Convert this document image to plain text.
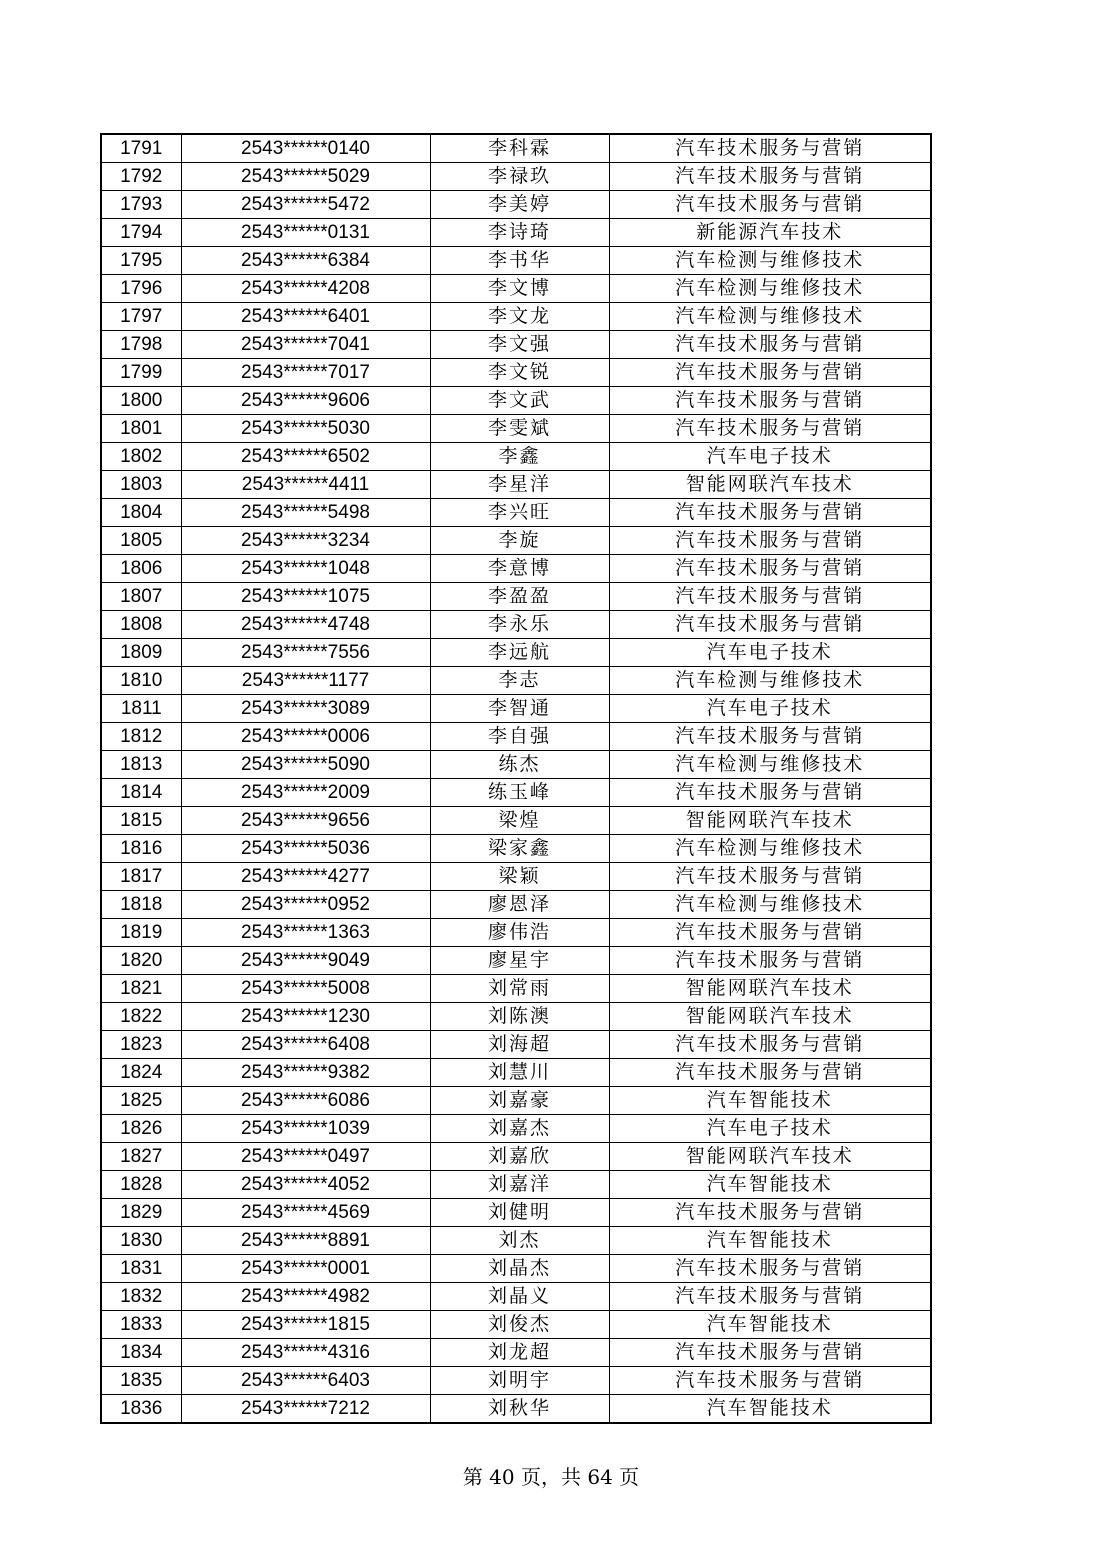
1791	2543******0140	李科霖	汽车技术服务与营销
1792	2543******5029	李禄玖	汽车技术服务与营销
1793	2543******5472	李美婷	汽车技术服务与营销
1794	2543******0131	李诗琦	新能源汽车技术
1795	2543******6384	李书华	汽车检测与维修技术
1796	2543******4208	李文博	汽车检测与维修技术
1797	2543******6401	李文龙	汽车检测与维修技术
1798	2543******7041	李文强	汽车技术服务与营销
1799	2543******7017	李文锐	汽车技术服务与营销
1800	2543******9606	李文武	汽车技术服务与营销
1801	2543******5030	李雯斌	汽车技术服务与营销
1802	2543******6502	李鑫	汽车电子技术
1803	2543******4411	李星洋	智能网联汽车技术
1804	2543******5498	李兴旺	汽车技术服务与营销
1805	2543******3234	李旋	汽车技术服务与营销
1806	2543******1048	李意博	汽车技术服务与营销
1807	2543******1075	李盈盈	汽车技术服务与营销
1808	2543******4748	李永乐	汽车技术服务与营销
1809	2543******7556	李远航	汽车电子技术
1810	2543******1177	李志	汽车检测与维修技术
1811	2543******3089	李智通	汽车电子技术
1812	2543******0006	李自强	汽车技术服务与营销
1813	2543******5090	练杰	汽车检测与维修技术
1814	2543******2009	练玉峰	汽车技术服务与营销
1815	2543******9656	梁煌	智能网联汽车技术
1816	2543******5036	梁家鑫	汽车检测与维修技术
1817	2543******4277	梁颖	汽车技术服务与营销
1818	2543******0952	廖恩泽	汽车检测与维修技术
1819	2543******1363	廖伟浩	汽车技术服务与营销
1820	2543******9049	廖星宇	汽车技术服务与营销
1821	2543******5008	刘常雨	智能网联汽车技术
1822	2543******1230	刘陈澳	智能网联汽车技术
1823	2543******6408	刘海超	汽车技术服务与营销
1824	2543******9382	刘慧川	汽车技术服务与营销
1825	2543******6086	刘嘉豪	汽车智能技术
1826	2543******1039	刘嘉杰	汽车电子技术
1827	2543******0497	刘嘉欣	智能网联汽车技术
1828	2543******4052	刘嘉洋	汽车智能技术
1829	2543******4569	刘健明	汽车技术服务与营销
1830	2543******8891	刘杰	汽车智能技术
1831	2543******0001	刘晶杰	汽车技术服务与营销
1832	2543******4982	刘晶义	汽车技术服务与营销
1833	2543******1815	刘俊杰	汽车智能技术
1834	2543******4316	刘龙超	汽车技术服务与营销
1835	2543******6403	刘明宇	汽车技术服务与营销
1836	2543******7212	刘秋华	汽车智能技术
第 40 页，共 64 页
